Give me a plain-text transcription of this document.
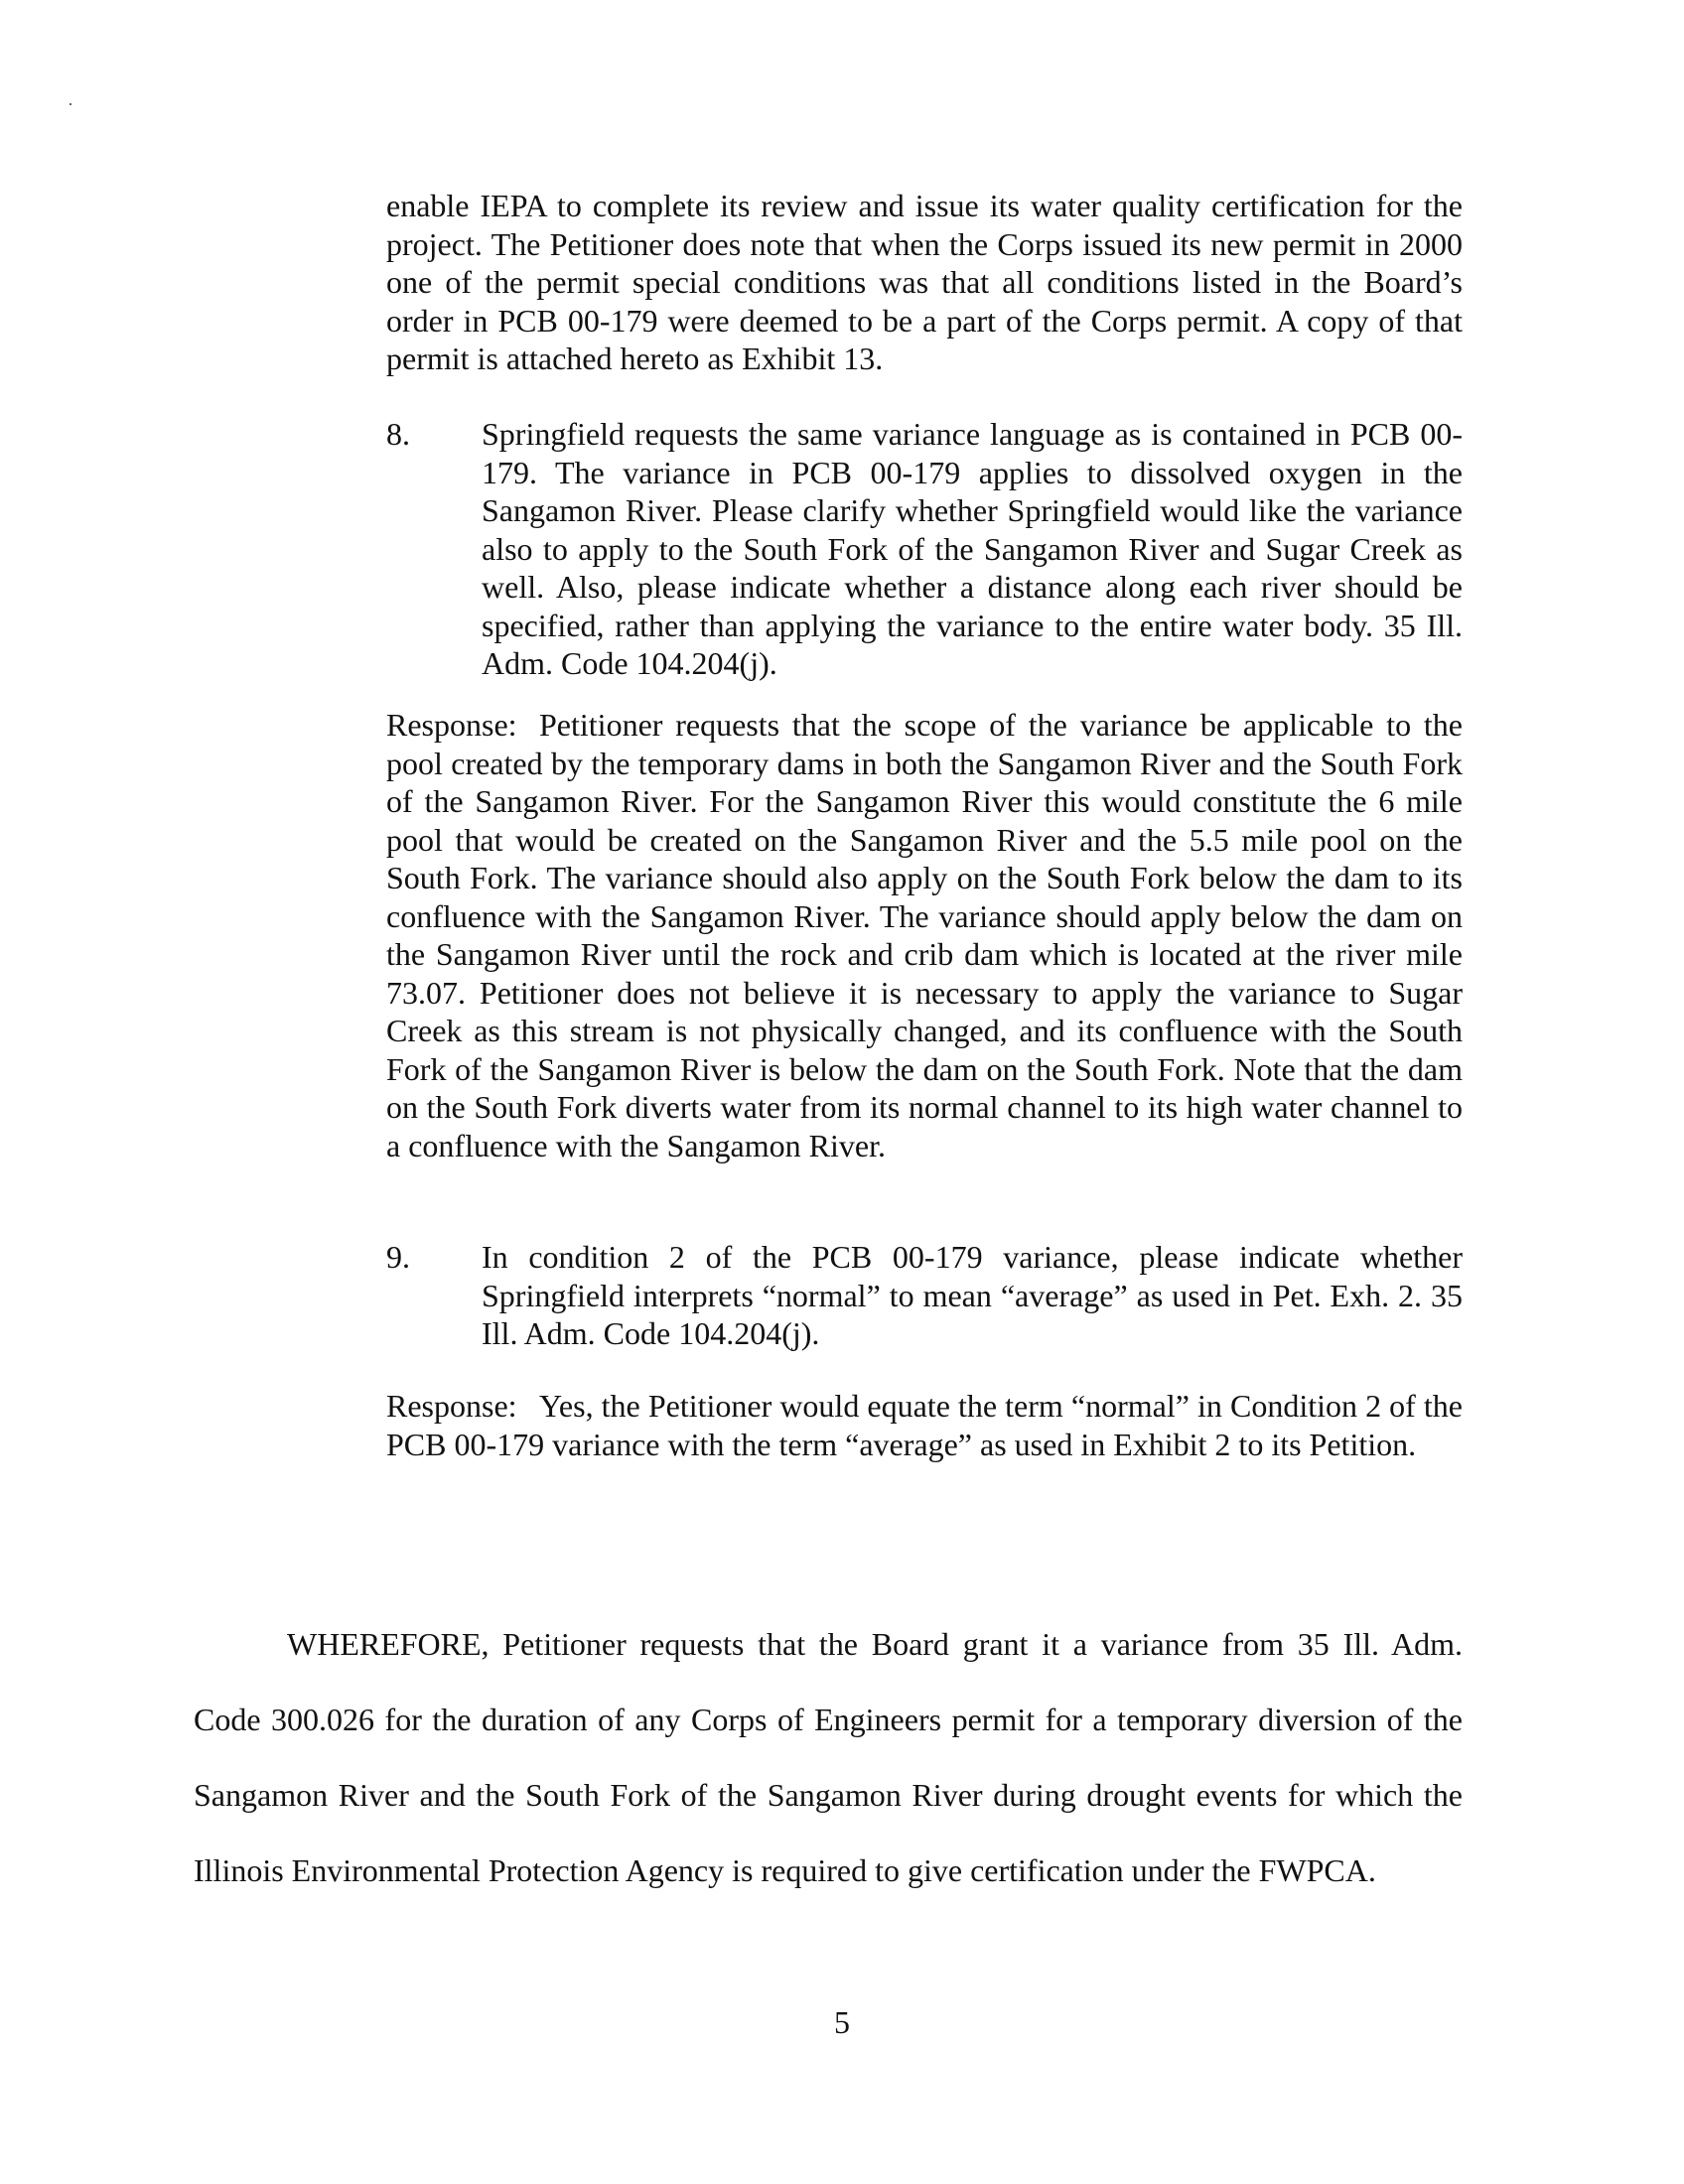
enable IEPA to complete its review and issue its water quality certification for the project. The Petitioner does note that when the Corps issued its new permit in 2000 one of the permit special conditions was that all conditions listed in the Board’s order in PCB 00-179 were deemed to be a part of the Corps permit. A copy of that permit is attached hereto as Exhibit 13.
8. Springfield requests the same variance language as is contained in PCB 00-179. The variance in PCB 00-179 applies to dissolved oxygen in the Sangamon River. Please clarify whether Springfield would like the variance also to apply to the South Fork of the Sangamon River and Sugar Creek as well. Also, please indicate whether a distance along each river should be specified, rather than applying the variance to the entire water body. 35 Ill. Adm. Code 104.204(j).
Response: Petitioner requests that the scope of the variance be applicable to the pool created by the temporary dams in both the Sangamon River and the South Fork of the Sangamon River. For the Sangamon River this would constitute the 6 mile pool that would be created on the Sangamon River and the 5.5 mile pool on the South Fork. The variance should also apply on the South Fork below the dam to its confluence with the Sangamon River. The variance should apply below the dam on the Sangamon River until the rock and crib dam which is located at the river mile 73.07. Petitioner does not believe it is necessary to apply the variance to Sugar Creek as this stream is not physically changed, and its confluence with the South Fork of the Sangamon River is below the dam on the South Fork. Note that the dam on the South Fork diverts water from its normal channel to its high water channel to a confluence with the Sangamon River.
9. In condition 2 of the PCB 00-179 variance, please indicate whether Springfield interprets “normal” to mean “average” as used in Pet. Exh. 2. 35 Ill. Adm. Code 104.204(j).
Response: Yes, the Petitioner would equate the term “normal” in Condition 2 of the PCB 00-179 variance with the term “average” as used in Exhibit 2 to its Petition.
WHEREFORE, Petitioner requests that the Board grant it a variance from 35 Ill. Adm. Code 300.026 for the duration of any Corps of Engineers permit for a temporary diversion of the Sangamon River and the South Fork of the Sangamon River during drought events for which the Illinois Environmental Protection Agency is required to give certification under the FWPCA.
5
